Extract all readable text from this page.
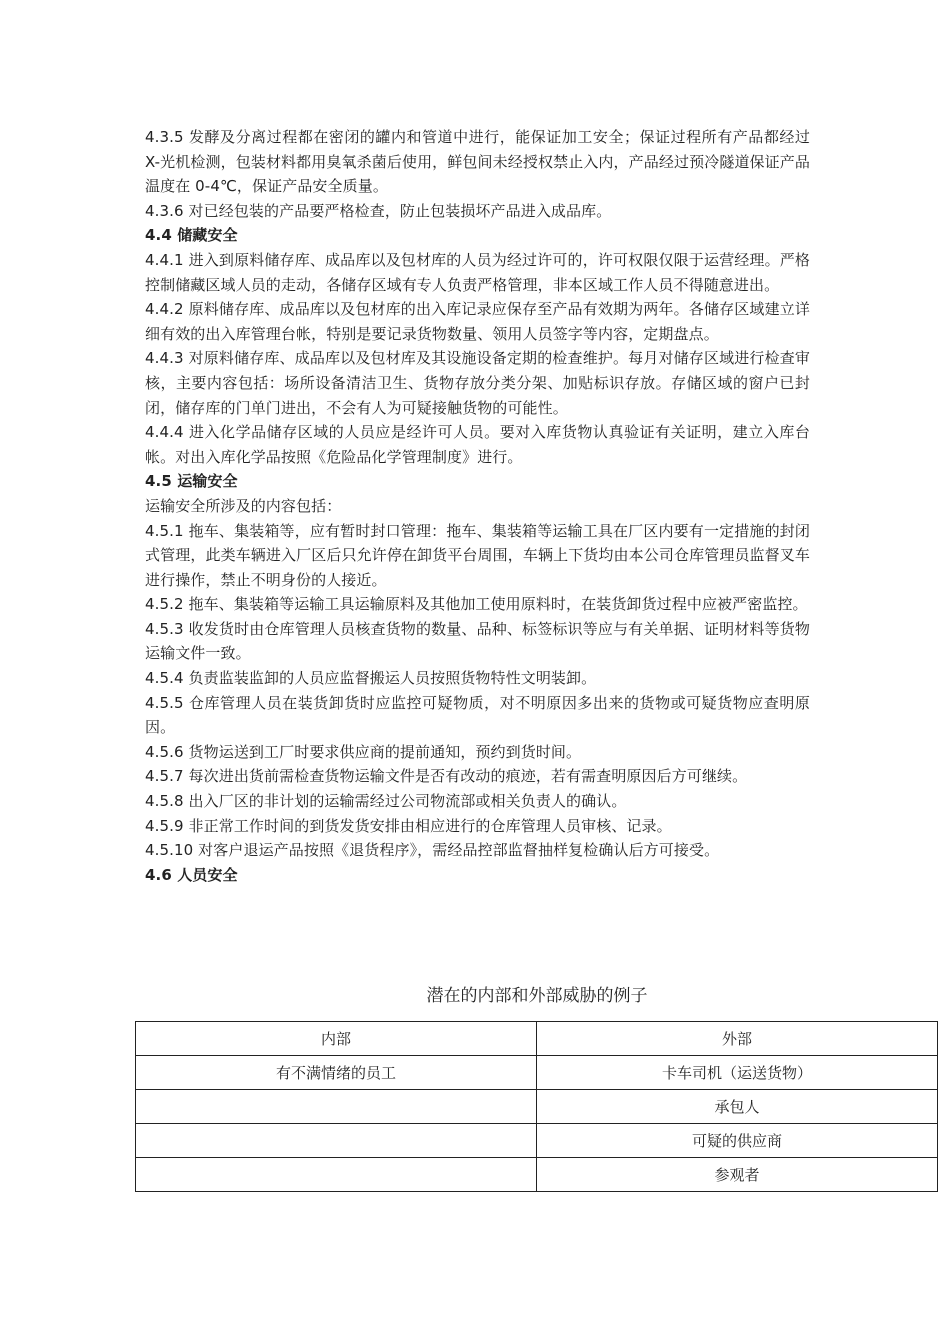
4.3.5 发酵及分离过程都在密闭的罐内和管道中进行，能保证加工安全；保证过程所有产品都经过 X-光机检测，包装材料都用臭氧杀菌后使用，鲜包间未经授权禁止入内，产品经过预冷隧道保证产品温度在 0-4℃，保证产品安全质量。

4.3.6 对已经包装的产品要严格检查，防止包装损坏产品进入成品库。

4.4 储藏安全

4.4.1 进入到原料储存库、成品库以及包材库的人员为经过许可的，许可权限仅限于运营经理。严格控制储藏区域人员的走动，各储存区域有专人负责严格管理，非本区域工作人员不得随意进出。

4.4.2 原料储存库、成品库以及包材库的出入库记录应保存至产品有效期为两年。各储存区域建立详细有效的出入库管理台帐，特别是要记录货物数量、领用人员签字等内容，定期盘点。

4.4.3 对原料储存库、成品库以及包材库及其设施设备定期的检查维护。每月对储存区域进行检查审核，主要内容包括：场所设备清洁卫生、货物存放分类分架、加贴标识存放。存储区域的窗户已封闭，储存库的门单门进出，不会有人为可疑接触货物的可能性。

4.4.4 进入化学品储存区域的人员应是经许可人员。要对入库货物认真验证有关证明，建立入库台帐。对出入库化学品按照《危险品化学管理制度》进行。

4.5 运输安全

运输安全所涉及的内容包括：

4.5.1 拖车、集装箱等，应有暂时封口管理：拖车、集装箱等运输工具在厂区内要有一定措施的封闭式管理，此类车辆进入厂区后只允许停在卸货平台周围，车辆上下货均由本公司仓库管理员监督叉车进行操作，禁止不明身份的人接近。

4.5.2 拖车、集装箱等运输工具运输原料及其他加工使用原料时，在装货卸货过程中应被严密监控。

4.5.3 收发货时由仓库管理人员核查货物的数量、品种、标签标识等应与有关单据、证明材料等货物运输文件一致。

4.5.4 负责监装监卸的人员应监督搬运人员按照货物特性文明装卸。

4.5.5 仓库管理人员在装货卸货时应监控可疑物质，对不明原因多出来的货物或可疑货物应查明原因。

4.5.6 货物运送到工厂时要求供应商的提前通知，预约到货时间。

4.5.7 每次进出货前需检查货物运输文件是否有改动的痕迹，若有需查明原因后方可继续。

4.5.8 出入厂区的非计划的运输需经过公司物流部或相关负责人的确认。

4.5.9 非正常工作时间的到货发货安排由相应进行的仓库管理人员审核、记录。

4.5.10 对客户退运产品按照《退货程序》，需经品控部监督抽样复检确认后方可接受。

4.6 人员安全

潜在的内部和外部威胁的例子
内部	外部
有不满情绪的员工	卡车司机（运送货物）
	承包人
	可疑的供应商
	参观者
